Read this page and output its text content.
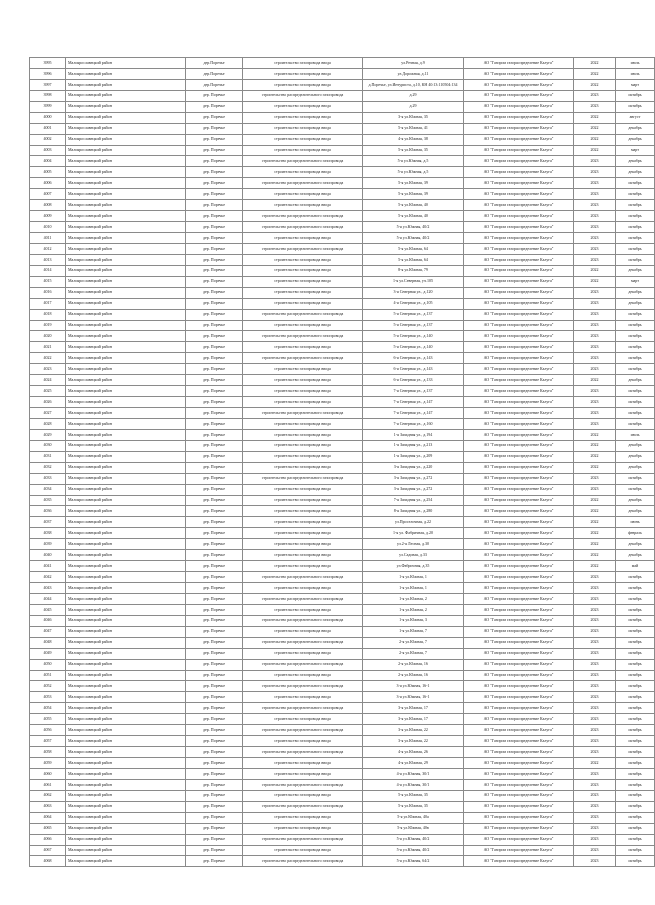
3995	Малоярославецкий район	дер.Поречье	строительство газопровода ввода	ул.Речная, д.9	АО "Газпром газораспределение Калуга"	2022	июль
3996	Малоярославецкий район	дер.Поречье	строительство газопровода ввода	ул.Дорожная, д.11	АО "Газпром газораспределение Калуга"	2022	июль
3997	Малоярославецкий район	дер.Поречье	строительство газопровода ввода	д.Поречье, ул.Интуриста, д.10, КН 40:13:110504:134	АО "Газпром газораспределение Калуга"	2022	март
3998	Малоярославецкий район	дер. Поречье	строительство распределительного газопровода	д.29	АО "Газпром газораспределение Калуга"	2023	октябрь
3999	Малоярославецкий район	дер. Поречье	строительство газопровода ввода	д.29	АО "Газпром газораспределение Калуга"	2023	октябрь
4000	Малоярославецкий район	дер. Поречье	строительство газопровода ввода	3-я ул.Южная, 35	АО "Газпром газораспределение Калуга"	2022	август
4001	Малоярославецкий район	дер. Поречье	строительство газопровода ввода	5-я ул.Южная, 41	АО "Газпром газораспределение Калуга"	2022	декабрь
4002	Малоярославецкий район	дер. Поречье	строительство газопровода ввода	4-я ул.Южная, 38	АО "Газпром газораспределение Калуга"	2022	декабрь
4003	Малоярославецкий район	дер. Поречье	строительство газопровода ввода	5-я ул.Южная, 35	АО "Газпром газораспределение Калуга"	2022	март
4004	Малоярославецкий район	дер. Поречье	строительство распределительного газопровода	5-я ул.Южная, д.5	АО "Газпром газораспределение Калуга"	2023	декабрь
4005	Малоярославецкий район	дер. Поречье	строительство газопровода ввода	5-я ул.Южная, д.5	АО "Газпром газораспределение Калуга"	2023	декабрь
4006	Малоярославецкий район	дер. Поречье	строительство распределительного газопровода	5-я ул.Южная, 39	АО "Газпром газораспределение Калуга"	2023	октябрь
4007	Малоярославецкий район	дер. Поречье	строительство газопровода ввода	5-я ул.Южная, 39	АО "Газпром газораспределение Калуга"	2023	октябрь
4008	Малоярославецкий район	дер. Поречье	строительство газопровода ввода	5-я ул.Южная, 40	АО "Газпром газораспределение Калуга"	2023	октябрь
4009	Малоярославецкий район	дер. Поречье	строительство распределительного газопровода	5-я ул.Южная, 40	АО "Газпром газораспределение Калуга"	2023	октябрь
4010	Малоярославецкий район	дер. Поречье	строительство распределительного газопровода	5-я ул.Южная, 40/2	АО "Газпром газораспределение Калуга"	2023	октябрь
4011	Малоярославецкий район	дер. Поречье	строительство газопровода ввода	5-я ул.Южная, 40/2	АО "Газпром газораспределение Калуга"	2023	октябрь
4012	Малоярославецкий район	дер. Поречье	строительство распределительного газопровода	5-я ул.Южная, 64	АО "Газпром газораспределение Калуга"	2023	октябрь
4013	Малоярославецкий район	дер. Поречье	строительство газопровода ввода	5-я ул.Южная, 64	АО "Газпром газораспределение Калуга"	2023	октябрь
4014	Малоярославецкий район	дер. Поречье	строительство газопровода ввода	8-я ул.Южная, 79	АО "Газпром газораспределение Калуга"	2022	декабрь
4015	Малоярославецкий район	дер. Поречье	строительство газопровода ввода	1-я ул.Северная, уч.105	АО "Газпром газораспределение Калуга"	2022	март
4016	Малоярославецкий район	дер. Поречье	строительство газопровода ввода	3-я Северная ул., д.120	АО "Газпром газораспределение Калуга"	2023	декабрь
4017	Малоярославецкий район	дер. Поречье	строительство газопровода ввода	4-я Северная ул., д.105	АО "Газпром газораспределение Калуга"	2023	декабрь
4018	Малоярославецкий район	дер. Поречье	строительство распределительного газопровода	5-я Северная ул., д.137	АО "Газпром газораспределение Калуга"	2023	октябрь
4019	Малоярославецкий район	дер. Поречье	строительство газопровода ввода	5-я Северная ул., д.137	АО "Газпром газораспределение Калуга"	2023	октябрь
4020	Малоярославецкий район	дер. Поречье	строительство распределительного газопровода	5-я Северная ул., д.140	АО "Газпром газораспределение Калуга"	2023	октябрь
4021	Малоярославецкий район	дер. Поречье	строительство газопровода ввода	5-я Северная ул., д.140	АО "Газпром газораспределение Калуга"	2023	октябрь
4022	Малоярославецкий район	дер. Поречье	строительство распределительного газопровода	6-я Северная ул., д.143	АО "Газпром газораспределение Калуга"	2023	октябрь
4023	Малоярославецкий район	дер. Поречье	строительство газопровода ввода	6-я Северная ул., д.143	АО "Газпром газораспределение Калуга"	2023	октябрь
4024	Малоярославецкий район	дер. Поречье	строительство газопровода ввода	6-я Северная ул., д.133	АО "Газпром газораспределение Калуга"	2022	декабрь
4025	Малоярославецкий район	дер. Поречье	строительство газопровода ввода	7-я Северная ул., д.137	АО "Газпром газораспределение Калуга"	2023	октябрь
4026	Малоярославецкий район	дер. Поречье	строительство газопровода ввода	7-я Северная ул., д.147	АО "Газпром газораспределение Калуга"	2023	октябрь
4027	Малоярославецкий район	дер. Поречье	строительство распределительного газопровода	7-я Северная ул., д.147	АО "Газпром газораспределение Калуга"	2023	октябрь
4028	Малоярославецкий район	дер. Поречье	строительство газопровода ввода	7-я Северная ул., д.160	АО "Газпром газораспределение Калуга"	2023	октябрь
4029	Малоярославецкий район	дер. Поречье	строительство газопровода ввода	1-я Западная ул., д.194	АО "Газпром газораспределение Калуга"	2022	июль
4030	Малоярославецкий район	дер. Поречье	строительство газопровода ввода	1-я Западная ул., д.213	АО "Газпром газораспределение Калуга"	2022	декабрь
4031	Малоярославецкий район	дер. Поречье	строительство газопровода ввода	1-я Западная ул., д.209	АО "Газпром газораспределение Калуга"	2022	декабрь
4032	Малоярославецкий район	дер. Поречье	строительство газопровода ввода	3-я Западная ул., д.220	АО "Газпром газораспределение Калуга"	2022	декабрь
4033	Малоярославецкий район	дер. Поречье	строительство распределительного газопровода	3-я Западная ул., д.272	АО "Газпром газораспределение Калуга"	2023	октябрь
4034	Малоярославецкий район	дер. Поречье	строительство газопровода ввода	3-я Западная ул., д.272	АО "Газпром газораспределение Калуга"	2023	октябрь
4035	Малоярославецкий район	дер. Поречье	строительство газопровода ввода	7-я Западная ул., д.254	АО "Газпром газораспределение Калуга"	2022	декабрь
4036	Малоярославецкий район	дер. Поречье	строительство газопровода ввода	8-я Западная ул., д.280	АО "Газпром газораспределение Калуга"	2022	декабрь
4037	Малоярославецкий район	дер. Поречье	строительство газопровода ввода	ул.Проселочная, д.22	АО "Газпром газораспределение Калуга"	2022	июнь
4038	Малоярославецкий район	дер. Поречье	строительство газопровода ввода	1-я ул. Фабричная, д.20	АО "Газпром газораспределение Калуга"	2022	февраль
4039	Малоярославецкий район	дер. Поречье	строительство газопровода ввода	ул.2-я Лесная, д.30	АО "Газпром газораспределение Калуга"	2022	декабрь
4040	Малоярославецкий район	дер. Поречье	строительство газопровода ввода	ул.Садовая, д.33	АО "Газпром газораспределение Калуга"	2022	декабрь
4041	Малоярославецкий район	дер. Поречье	строительство газопровода ввода	ул.Фабричная, д.35	АО "Газпром газораспределение Калуга"	2022	май
4042	Малоярославецкий район	дер. Поречье	строительство распределительного газопровода	1-я ул.Южная, 1	АО "Газпром газораспределение Калуга"	2023	октябрь
4043	Малоярославецкий район	дер. Поречье	строительство газопровода ввода	1-я ул.Южная, 1	АО "Газпром газораспределение Калуга"	2023	октябрь
4044	Малоярославецкий район	дер. Поречье	строительство распределительного газопровода	1-я ул.Южная, 2	АО "Газпром газораспределение Калуга"	2023	октябрь
4045	Малоярославецкий район	дер. Поречье	строительство газопровода ввода	1-я ул.Южная, 2	АО "Газпром газораспределение Калуга"	2023	октябрь
4046	Малоярославецкий район	дер. Поречье	строительство распределительного газопровода	1-я ул.Южная, 3	АО "Газпром газораспределение Калуга"	2023	октябрь
4047	Малоярославецкий район	дер. Поречье	строительство газопровода ввода	1-я ул.Южная, 7	АО "Газпром газораспределение Калуга"	2023	октябрь
4048	Малоярославецкий район	дер. Поречье	строительство распределительного газопровода	2-я ул.Южная, 7	АО "Газпром газораспределение Калуга"	2023	октябрь
4049	Малоярославецкий район	дер. Поречье	строительство газопровода ввода	2-я ул.Южная, 7	АО "Газпром газораспределение Калуга"	2023	октябрь
4050	Малоярославецкий район	дер. Поречье	строительство распределительного газопровода	2-я ул.Южная, 16	АО "Газпром газораспределение Калуга"	2023	октябрь
4051	Малоярославецкий район	дер. Поречье	строительство газопровода ввода	2-я ул.Южная, 16	АО "Газпром газораспределение Калуга"	2023	октябрь
4052	Малоярославецкий район	дер. Поречье	строительство распределительного газопровода	3-я ул.Южная, 16-1	АО "Газпром газораспределение Калуга"	2023	октябрь
4053	Малоярославецкий район	дер. Поречье	строительство газопровода ввода	3-я ул.Южная, 16-1	АО "Газпром газораспределение Калуга"	2023	октябрь
4054	Малоярославецкий район	дер. Поречье	строительство распределительного газопровода	3-я ул.Южная, 17	АО "Газпром газораспределение Калуга"	2023	октябрь
4055	Малоярославецкий район	дер. Поречье	строительство газопровода ввода	3-я ул.Южная, 17	АО "Газпром газораспределение Калуга"	2023	октябрь
4056	Малоярославецкий район	дер. Поречье	строительство распределительного газопровода	3-я ул.Южная, 22	АО "Газпром газораспределение Калуга"	2023	октябрь
4057	Малоярославецкий район	дер. Поречье	строительство газопровода ввода	3-я ул.Южная, 22	АО "Газпром газораспределение Калуга"	2023	октябрь
4058	Малоярославецкий район	дер. Поречье	строительство распределительного газопровода	4-я ул.Южная, 26	АО "Газпром газораспределение Калуга"	2023	октябрь
4059	Малоярославецкий район	дер. Поречье	строительство газопровода ввода	4-я ул.Южная, 29	АО "Газпром газораспределение Калуга"	2022	октябрь
4060	Малоярославецкий район	дер. Поречье	строительство газопровода ввода	4-я ул.Южная, 30/1	АО "Газпром газораспределение Калуга"	2023	октябрь
4061	Малоярославецкий район	дер. Поречье	строительство распределительного газопровода	4-я ул.Южная, 30/1	АО "Газпром газораспределение Калуга"	2023	октябрь
4062	Малоярославецкий район	дер. Поречье	строительство газопровода ввода	5-я ул.Южная, 35	АО "Газпром газораспределение Калуга"	2023	октябрь
4063	Малоярославецкий район	дер. Поречье	строительство распределительного газопровода	5-я ул.Южная, 35	АО "Газпром газораспределение Калуга"	2023	октябрь
4064	Малоярославецкий район	дер. Поречье	строительство газопровода ввода	5-я ул.Южная, 40а	АО "Газпром газораспределение Калуга"	2023	октябрь
4065	Малоярославецкий район	дер. Поречье	строительство газопровода ввода	5-я ул.Южная, 40в	АО "Газпром газораспределение Калуга"	2023	октябрь
4066	Малоярославецкий район	дер. Поречье	строительство распределительного газопровода	5-я ул.Южная, 40/2	АО "Газпром газораспределение Калуга"	2023	октябрь
4067	Малоярославецкий район	дер. Поречье	строительство газопровода ввода	5-я ул.Южная, 40/2	АО "Газпром газораспределение Калуга"	2023	октябрь
4068	Малоярославецкий район	дер. Поречье	строительство распределительного газопровода	5-я ул.Южная, 64/2	АО "Газпром газораспределение Калуга"	2023	октябрь
